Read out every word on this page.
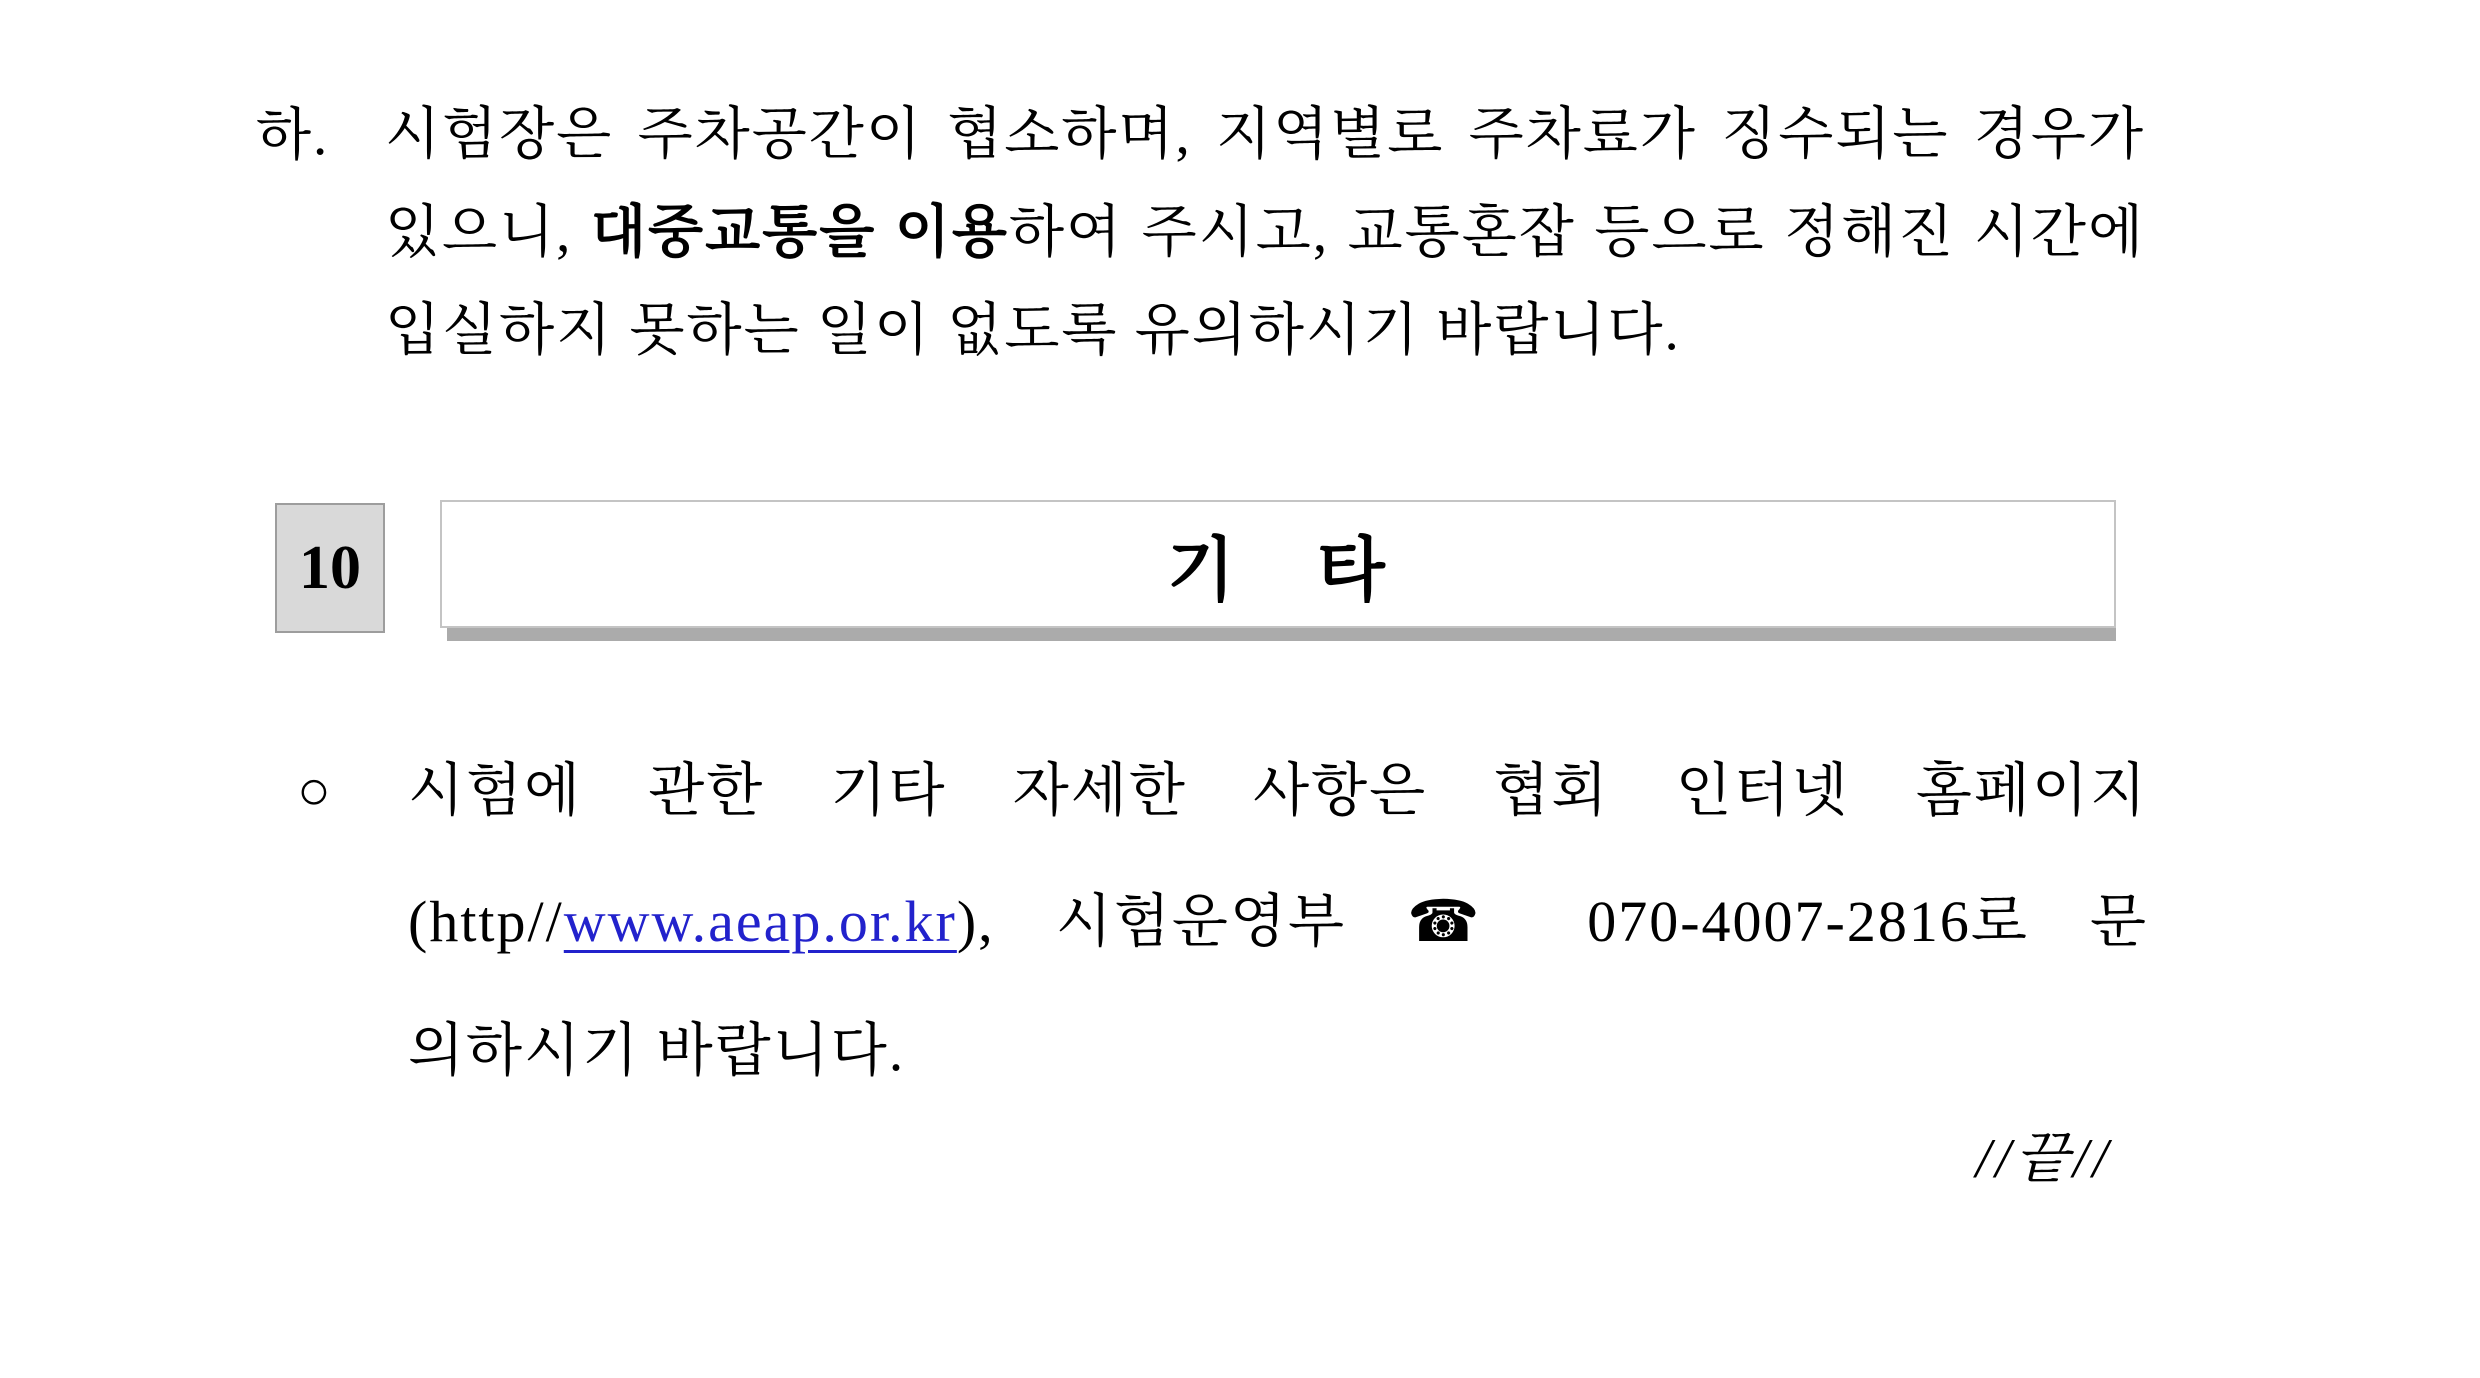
하. 시험장은 주차공간이 협소하며, 지역별로 주차료가 징수되는 경우가
있으니, 대중교통을 이용하여 주시고, 교통혼잡 등으로 정해진 시간에
입실하지 못하는 일이 없도록 유의하시기 바랍니다.
10	기 타
○ 시험에 관한 기타 자세한 사항은 협회 인터넷 홈페이지
(http//www.aeap.or.kr), 시험운영부 ☎ 070-4007-2816로 문
의하시기 바랍니다.
//끝//
